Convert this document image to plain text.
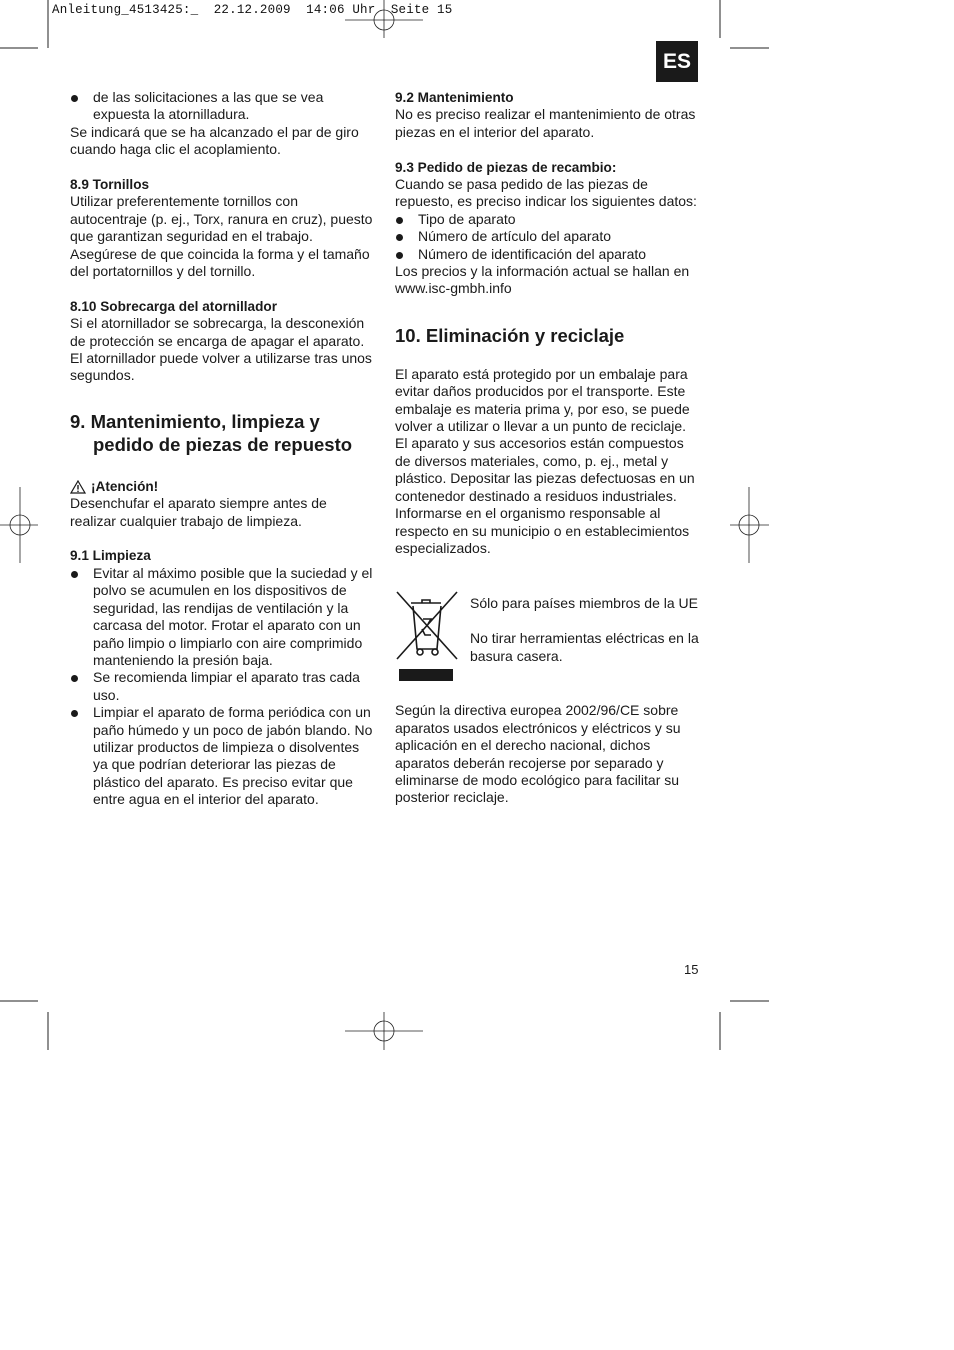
Anleitung_4513425:_  22.12.2009  14:06 Uhr  Seite 15
ES
de las solicitaciones a las que se vea expuesta la atornilladura.

Se indicará que se ha alcanzado el par de giro cuando haga clic el acoplamiento.

8.9 Tornillos

Utilizar preferentemente tornillos con autocentraje (p. ej., Torx, ranura en cruz), puesto que garantizan seguridad en el trabajo. Asegúrese de que coincida la forma y el tamaño del portatornillos y del tornillo.

8.10 Sobrecarga del atornillador

Si el atornillador se sobrecarga, la desconexión de protección se encarga de apagar el aparato. El atornillador puede volver a utilizarse tras unos segundos.

9. Mantenimiento, limpieza y pedido de piezas de repuesto

¡Atención!

Desenchufar el aparato siempre antes de realizar cualquier trabajo de limpieza.

9.1 Limpieza

Evitar al máximo posible que la suciedad y el polvo se acumulen en los dispositivos de seguridad, las rendijas de ventilación y la carcasa del motor. Frotar el aparato con un paño limpio o limpiarlo con aire comprimido manteniendo la presión baja.
Se recomienda limpiar el aparato tras cada uso.
Limpiar el aparato de forma periódica con un paño húmedo y un poco de jabón blando. No utilizar productos de limpieza o disolventes ya que podrían deteriorar las piezas de plástico del aparato. Es preciso evitar que entre agua en el interior del aparato.

9.2 Mantenimiento

No es preciso realizar el mantenimiento de otras piezas en el interior del aparato.

9.3 Pedido de piezas de recambio:

Cuando se pasa pedido de las piezas de repuesto, es preciso indicar los siguientes datos:

Tipo de aparato
Número de artículo del aparato
Número de identificación del aparato

Los precios y la información actual se hallan en www.isc-gmbh.info

10. Eliminación y reciclaje

El aparato está protegido por un embalaje para evitar daños producidos por el transporte. Este embalaje es materia prima y, por eso, se puede volver a utilizar o llevar a un punto de reciclaje. El aparato y sus accesorios están compuestos de diversos materiales, como, p. ej., metal y plástico. Depositar las piezas defectuosas en un contenedor destinado a residuos industriales. Informarse en el organismo responsable al respecto en su municipio o en establecimientos especializados.

Sólo para países miembros de la UE

No tirar herramientas eléctricas en la basura casera.

Según la directiva europea 2002/96/CE sobre aparatos usados electrónicos y eléctricos y su aplicación en el derecho nacional, dichos aparatos deberán recojerse por separado y eliminarse de modo ecológico para facilitar su posterior reciclaje.

15
